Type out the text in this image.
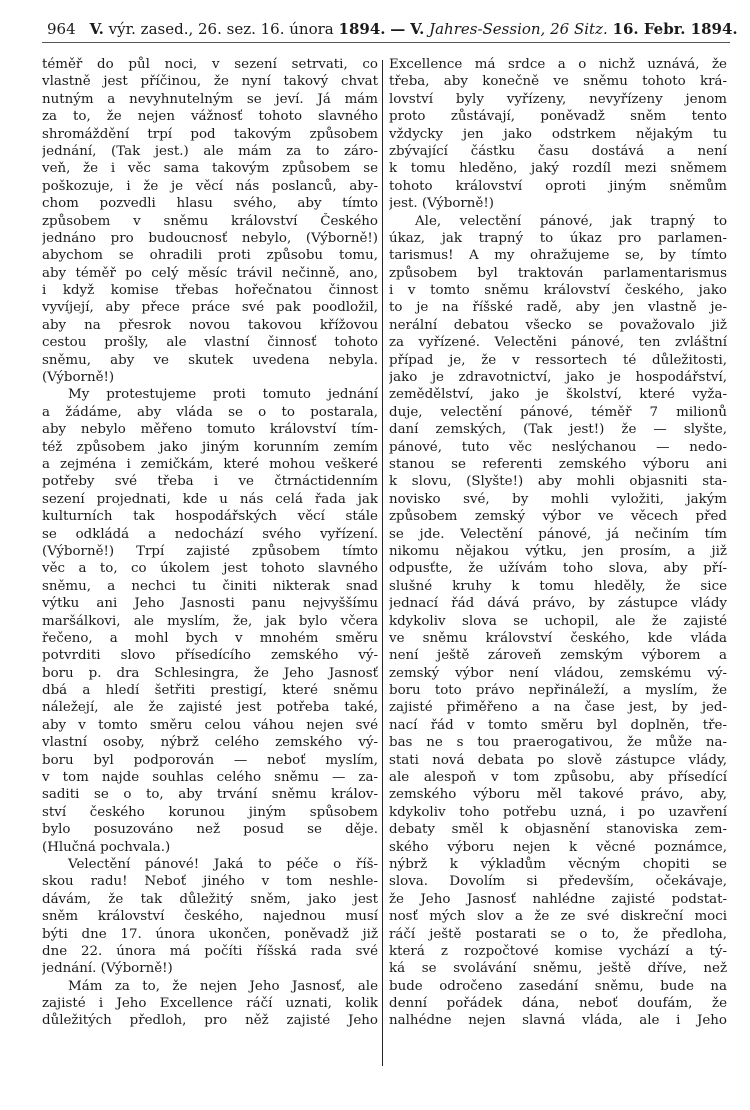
964 V.
výr. zased., 26. sez. 16. února
1894.
—
V.
Jahres-Session, 26 Sitz.
16. Febr. 1894.
téměř do půl noci, v sezení setrvati, co
vlastně jest příčinou, že nyní takový chvat
nutným a nevyhnutelným se jeví. Já mám
za to, že nejen vážnosť tohoto slavného
shromáždění trpí pod takovým způsobem
jednání, (Tak jest.) ale mám za to záro-
veň, že i věc sama takovým způsobem se
poškozuje, i že je věcí nás poslanců, aby-
chom pozvedli hlasu svého, aby tímto
způsobem v sněmu království Českého
jednáno pro budoucnosť nebylo, (Výborně!)
abychom se ohradili proti způsobu tomu,
aby téměř po celý měsíc trávil nečinně, ano,
i když komise třebas hořečnatou činnost
vyvíjejí, aby přece práce své pak poodložil,
aby na přesrok novou takovou křížovou
cestou prošly, ale vlastní činnosť tohoto
sněmu, aby ve skutek uvedena nebyla.
(Výborně!)
My protestujeme proti tomuto jednání
a žádáme, aby vláda se o to postarala,
aby nebylo měřeno tomuto království tím-
též způsobem jako jiným korunním zemím
a zejména i zemičkám, které mohou veškeré
potřeby své třeba i ve čtrnáctidenním
sezení projednati, kde u nás celá řada jak
kulturních tak hospodářských věcí stále
se odkládá a nedochází svého vyřízení.
(Výborně!) Trpí zajisté způsobem tímto
věc a to, co úkolem jest tohoto slavného
sněmu, a nechci tu činiti nikterak snad
výtku ani Jeho Jasnosti panu nejvyššímu
maršálkovi, ale myslím, že, jak bylo včera
řečeno, a mohl bych v mnohém směru
potvrditi slovo přísedícího zemského vý-
boru p. dra Schlesingra, že Jeho Jasnosť
dbá a hledí šetřiti prestigí, které sněmu
náležejí, ale že zajisté jest potřeba také,
aby v tomto směru celou váhou nejen své
vlastní osoby, nýbrž celého zemského vý-
boru byl podporován — neboť myslím,
v tom najde souhlas celého sněmu — za-
saditi se o to, aby trvání sněmu králov-
ství českého korunou jiným spůsobem
bylo posuzováno než posud se děje.
(Hlučná pochvala.)
Velectění pánové! Jaká to péče o říš-
skou radu! Neboť jiného v tom neshle-
dávám, že tak důležitý sněm, jako jest
sněm království českého, najednou musí
býti dne 17. února ukončen, poněvadž již
dne 22. února má počíti říšská rada své
jednání. (Výborně!)
Mám za to, že nejen Jeho Jasnosť, ale
zajisté i Jeho Excellence ráčí uznati, kolik
důležitých předloh, pro něž zajisté Jeho
Excellence má srdce a o nichž uznává, že
třeba, aby konečně ve sněmu tohoto krá-
lovství byly vyřízeny, nevyřízeny jenom
proto zůstávají, poněvadž sněm tento
vždycky jen jako odstrkem nějakým tu
zbývající částku času dostává a není
k tomu hleděno, jaký rozdíl mezi sněmem
tohoto království oproti jiným sněmům
jest. (Výborně!)
Ale, velectění pánové, jak trapný to
úkaz, jak trapný to úkaz pro parlamen-
tarismus! A my ohražujeme se, by tímto
způsobem byl traktován parlamentarismus
i v tomto sněmu království českého, jako
to je na říšské radě, aby jen vlastně je-
nerální debatou všecko se považovalo již
za vyřízené. Velectěni pánové, ten zvláštní
případ je, že v ressortech té důležitosti,
jako je zdravotnictví, jako je hospodářství,
zemědělství, jako je školství, které vyža-
duje, velectění pánové, téměř 7 milionů
daní zemských, (Tak jest!) že — slyšte,
pánové, tuto věc neslýchanou — nedo-
stanou se referenti zemského výboru ani
k slovu, (Slyšte!) aby mohli objasniti sta-
novisko své, by mohli vyložiti, jakým
způsobem zemský výbor ve věcech před
se jde. Velectění pánové, já nečiním tím
nikomu nějakou výtku, jen prosím, a již
odpusťte, že užívám toho slova, aby pří-
slušné kruhy k tomu hleděly, že sice
jednací řád dává právo, by zástupce vlády
kdykoliv slova se uchopil, ale že zajisté
ve sněmu království českého, kde vláda
není ještě zároveň zemským výborem a
zemský výbor není vládou, zemskému vý-
boru toto právo nepřináleží, a myslím, že
zajisté přiměřeno a na čase jest, by jed-
nací řád v tomto směru byl doplněn, tře-
bas ne s tou praerogativou, že může na-
stati nová debata po slově zástupce vlády,
ale alespoň v tom způsobu, aby přísedící
zemského výboru měl takové právo, aby,
kdykoliv toho potřebu uzná, i po uzavření
debaty směl k objasnění stanoviska zem-
ského výboru nejen k věcné poznámce,
nýbrž k výkladům věcným chopiti se
slova. Dovolím si především, očekávaje,
že Jeho Jasnosť nahlédne zajisté podstat-
nosť mých slov a že ze své diskreční moci
ráčí ještě postarati se o to, že předloha,
která z rozpočtové komise vychází a tý-
ká se svolávání sněmu, ještě dříve, než
bude odročeno zasedání sněmu, bude na
denní pořádek dána, neboť doufám, že
nalhédne nejen slavná vláda, ale i Jeho
